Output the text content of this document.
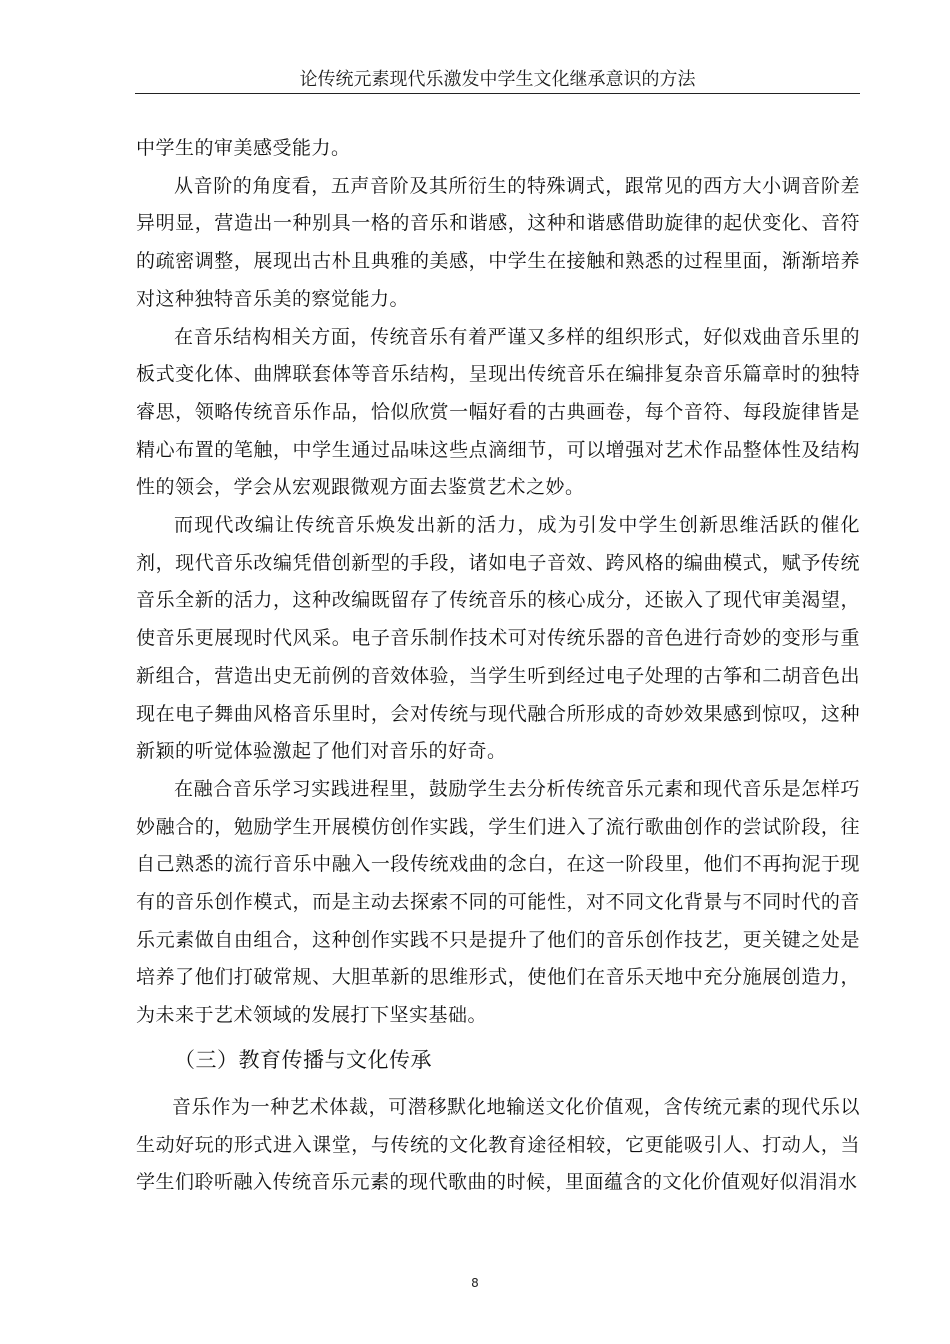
论传统元素现代乐激发中学生文化继承意识的方法

中学生的审美感受能力。

从音阶的角度看，五声音阶及其所衍生的特殊调式，跟常见的西方大小调音阶差异明显，营造出一种别具一格的音乐和谐感，这种和谐感借助旋律的起伏变化、音符的疏密调整，展现出古朴且典雅的美感，中学生在接触和熟悉的过程里面，渐渐培养对这种独特音乐美的察觉能力。

在音乐结构相关方面，传统音乐有着严谨又多样的组织形式，好似戏曲音乐里的板式变化体、曲牌联套体等音乐结构，呈现出传统音乐在编排复杂音乐篇章时的独特睿思，领略传统音乐作品，恰似欣赏一幅好看的古典画卷，每个音符、每段旋律皆是精心布置的笔触，中学生通过品味这些点滴细节，可以增强对艺术作品整体性及结构性的领会，学会从宏观跟微观方面去鉴赏艺术之妙。

而现代改编让传统音乐焕发出新的活力，成为引发中学生创新思维活跃的催化剂，现代音乐改编凭借创新型的手段，诸如电子音效、跨风格的编曲模式，赋予传统音乐全新的活力，这种改编既留存了传统音乐的核心成分，还嵌入了现代审美渴望，使音乐更展现时代风采。电子音乐制作技术可对传统乐器的音色进行奇妙的变形与重新组合，营造出史无前例的音效体验，当学生听到经过电子处理的古筝和二胡音色出现在电子舞曲风格音乐里时，会对传统与现代融合所形成的奇妙效果感到惊叹，这种新颖的听觉体验激起了他们对音乐的好奇。

在融合音乐学习实践进程里，鼓励学生去分析传统音乐元素和现代音乐是怎样巧妙融合的，勉励学生开展模仿创作实践，学生们进入了流行歌曲创作的尝试阶段，往自己熟悉的流行音乐中融入一段传统戏曲的念白，在这一阶段里，他们不再拘泥于现有的音乐创作模式，而是主动去探索不同的可能性，对不同文化背景与不同时代的音乐元素做自由组合，这种创作实践不只是提升了他们的音乐创作技艺，更关键之处是培养了他们打破常规、大胆革新的思维形式，使他们在音乐天地中充分施展创造力，为未来于艺术领域的发展打下坚实基础。

（三）教育传播与文化传承

音乐作为一种艺术体裁，可潜移默化地输送文化价值观，含传统元素的现代乐以生动好玩的形式进入课堂，与传统的文化教育途径相较，它更能吸引人、打动人，当学生们聆听融入传统音乐元素的现代歌曲的时候，里面蕴含的文化价值观好似涓涓水

8
